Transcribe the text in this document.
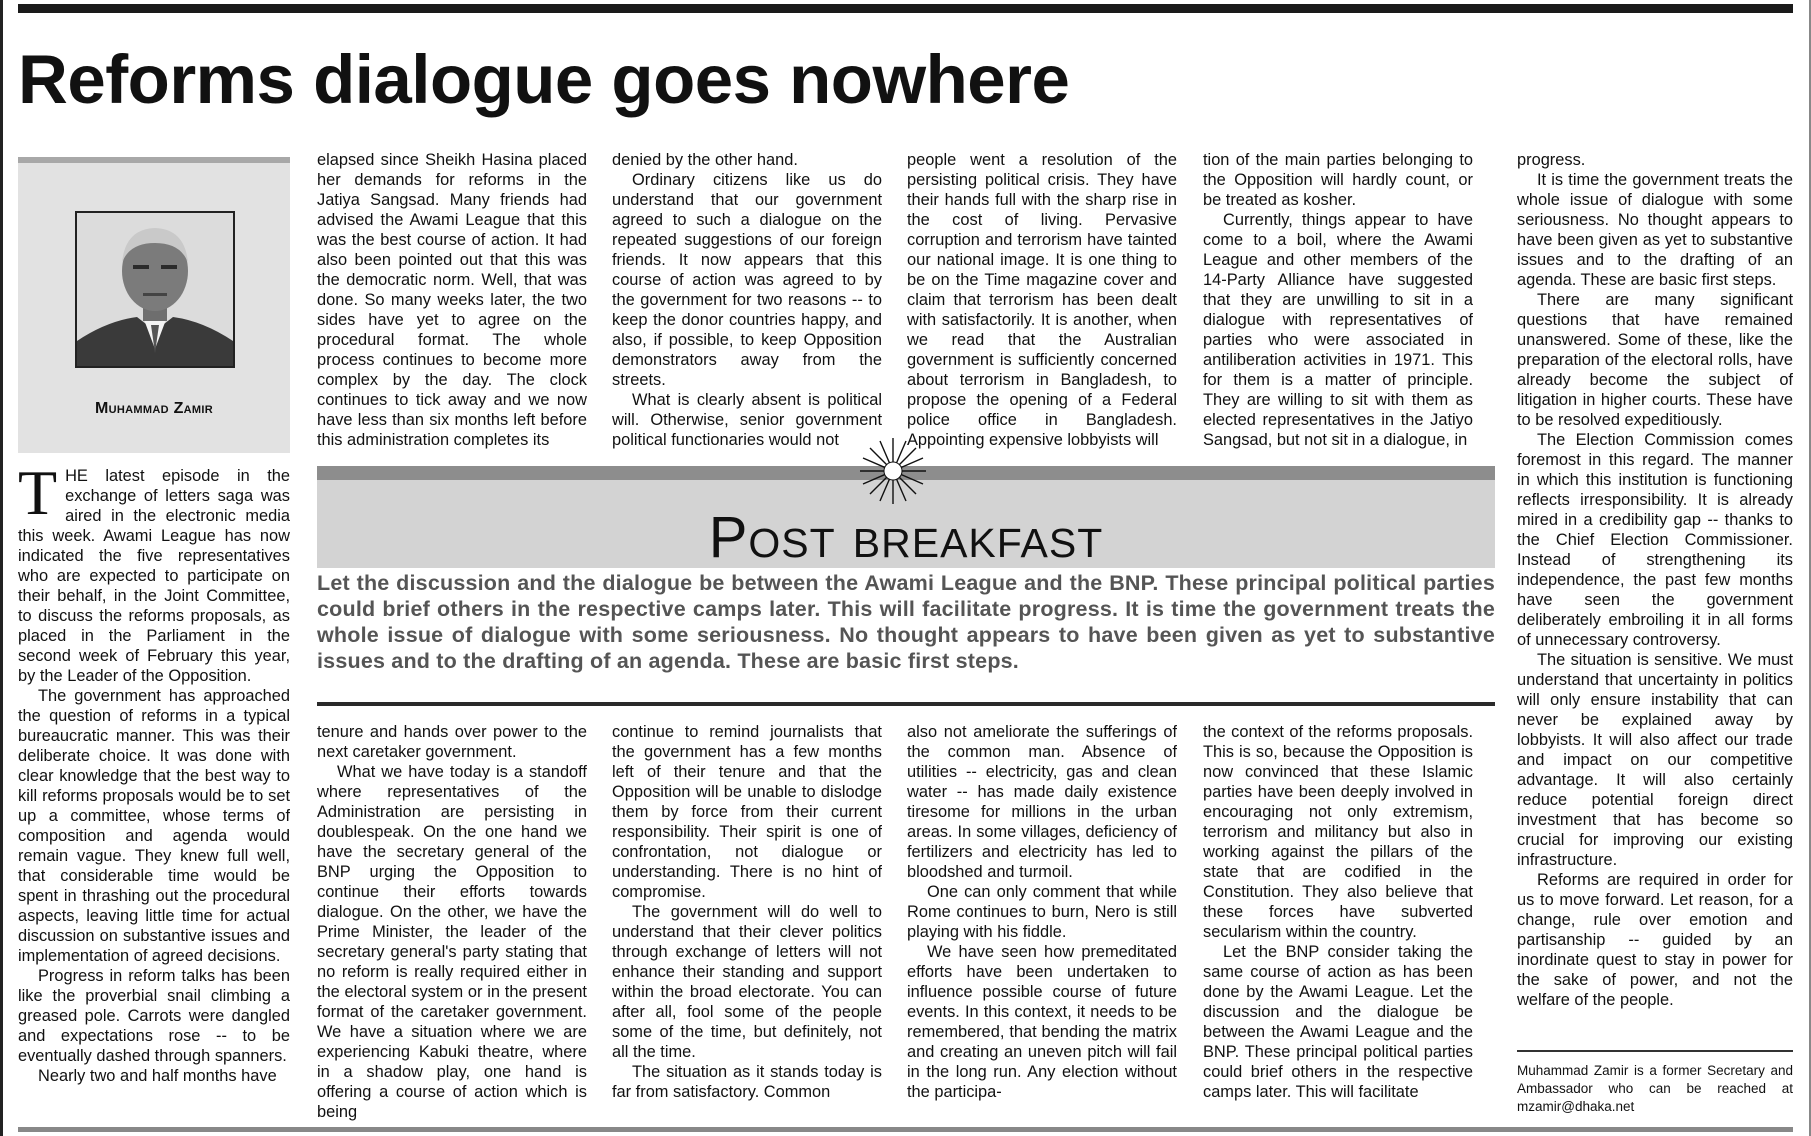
Reforms dialogue goes nowhere
Muhammad Zamir

THE latest episode in the exchange of letters saga was aired in the electronic media this week. Awami League has now indicated the five representatives who are expected to participate on their behalf, in the Joint Committee, to discuss the reforms proposals, as placed in the Parliament in the second week of February this year, by the Leader of the Opposition.

The government has approached the question of reforms in a typical bureaucratic manner. This was their deliberate choice. It was done with clear knowledge that the best way to kill reforms proposals would be to set up a committee, whose terms of composition and agenda would remain vague. They knew full well, that considerable time would be spent in thrashing out the procedural aspects, leaving little time for actual discussion on substantive issues and implementation of agreed decisions.

Progress in reform talks has been like the proverbial snail climbing a greased pole. Carrots were dangled and expectations rose -- to be eventually dashed through spanners.

Nearly two and half months have

elapsed since Sheikh Hasina placed her demands for reforms in the Jatiya Sangsad. Many friends had advised the Awami League that this was the best course of action. It had also been pointed out that this was the democratic norm. Well, that was done. So many weeks later, the two sides have yet to agree on the procedural format. The whole process continues to become more complex by the day. The clock continues to tick away and we now have less than six months left before this administration completes its

denied by the other hand.

Ordinary citizens like us do understand that our government agreed to such a dialogue on the repeated suggestions of our foreign friends. It now appears that this course of action was agreed to by the government for two reasons -- to keep the donor countries happy, and also, if possible, to keep Opposition demonstrators away from the streets.

What is clearly absent is political will. Otherwise, senior government political functionaries would not

people went a resolution of the persisting political crisis. They have their hands full with the sharp rise in the cost of living. Pervasive corruption and terrorism have tainted our national image. It is one thing to be on the Time magazine cover and claim that terrorism has been dealt with satisfactorily. It is another, when we read that the Australian government is sufficiently concerned about terrorism in Bangladesh, to propose the opening of a Federal police office in Bangladesh. Appointing expensive lobbyists will

tion of the main parties belonging to the Opposition will hardly count, or be treated as kosher.

Currently, things appear to have come to a boil, where the Awami League and other members of the 14-Party Alliance have suggested that they are unwilling to sit in a dialogue with representatives of parties who were associated in antiliberation activities in 1971. This for them is a matter of principle. They are willing to sit with them as elected representatives in the Jatiyo Sangsad, but not sit in a dialogue, in

Post breakfast

Let the discussion and the dialogue be between the Awami League and the BNP. These principal political parties could brief others in the respective camps later. This will facilitate progress. It is time the government treats the whole issue of dialogue with some seriousness. No thought appears to have been given as yet to substantive issues and to the drafting of an agenda. These are basic first steps.

tenure and hands over power to the next caretaker government.

What we have today is a standoff where representatives of the Administration are persisting in doublespeak. On the one hand we have the secretary general of the BNP urging the Opposition to continue their efforts towards dialogue. On the other, we have the Prime Minister, the leader of the secretary general's party stating that no reform is really required either in the electoral system or in the present format of the caretaker government. We have a situation where we are experiencing Kabuki theatre, where in a shadow play, one hand is offering a course of action which is being

continue to remind journalists that the government has a few months left of their tenure and that the Opposition will be unable to dislodge them by force from their current responsibility. Their spirit is one of confrontation, not dialogue or understanding. There is no hint of compromise.

The government will do well to understand that their clever politics through exchange of letters will not enhance their standing and support within the broad electorate. You can after all, fool some of the people some of the time, but definitely, not all the time.

The situation as it stands today is far from satisfactory. Common

also not ameliorate the sufferings of the common man. Absence of utilities -- electricity, gas and clean water -- has made daily existence tiresome for millions in the urban areas. In some villages, deficiency of fertilizers and electricity has led to bloodshed and turmoil.

One can only comment that while Rome continues to burn, Nero is still playing with his fiddle.

We have seen how premeditated efforts have been undertaken to influence possible course of future events. In this context, it needs to be remembered, that bending the matrix and creating an uneven pitch will fail in the long run. Any election without the participa-

the context of the reforms proposals. This is so, because the Opposition is now convinced that these Islamic parties have been deeply involved in encouraging not only extremism, terrorism and militancy but also in working against the pillars of the state that are codified in the Constitution. They also believe that these forces have subverted secularism within the country.

Let the BNP consider taking the same course of action as has been done by the Awami League. Let the discussion and the dialogue be between the Awami League and the BNP. These principal political parties could brief others in the respective camps later. This will facilitate

progress.

It is time the government treats the whole issue of dialogue with some seriousness. No thought appears to have been given as yet to substantive issues and to the drafting of an agenda. These are basic first steps.

There are many significant questions that have remained unanswered. Some of these, like the preparation of the electoral rolls, have already become the subject of litigation in higher courts. These have to be resolved expeditiously.

The Election Commission comes foremost in this regard. The manner in which this institution is functioning reflects irresponsibility. It is already mired in a credibility gap -- thanks to the Chief Election Commissioner. Instead of strengthening its independence, the past few months have seen the government deliberately embroiling it in all forms of unnecessary controversy.

The situation is sensitive. We must understand that uncertainty in politics will only ensure instability that can never be explained away by lobbyists. It will also affect our trade and impact on our competitive advantage. It will also certainly reduce potential foreign direct investment that has become so crucial for improving our existing infrastructure.

Reforms are required in order for us to move forward. Let reason, for a change, rule over emotion and partisanship -- guided by an inordinate quest to stay in power for the sake of power, and not the welfare of the people.

Muhammad Zamir is a former Secretary and Ambassador who can be reached at mzamir@dhaka.net
